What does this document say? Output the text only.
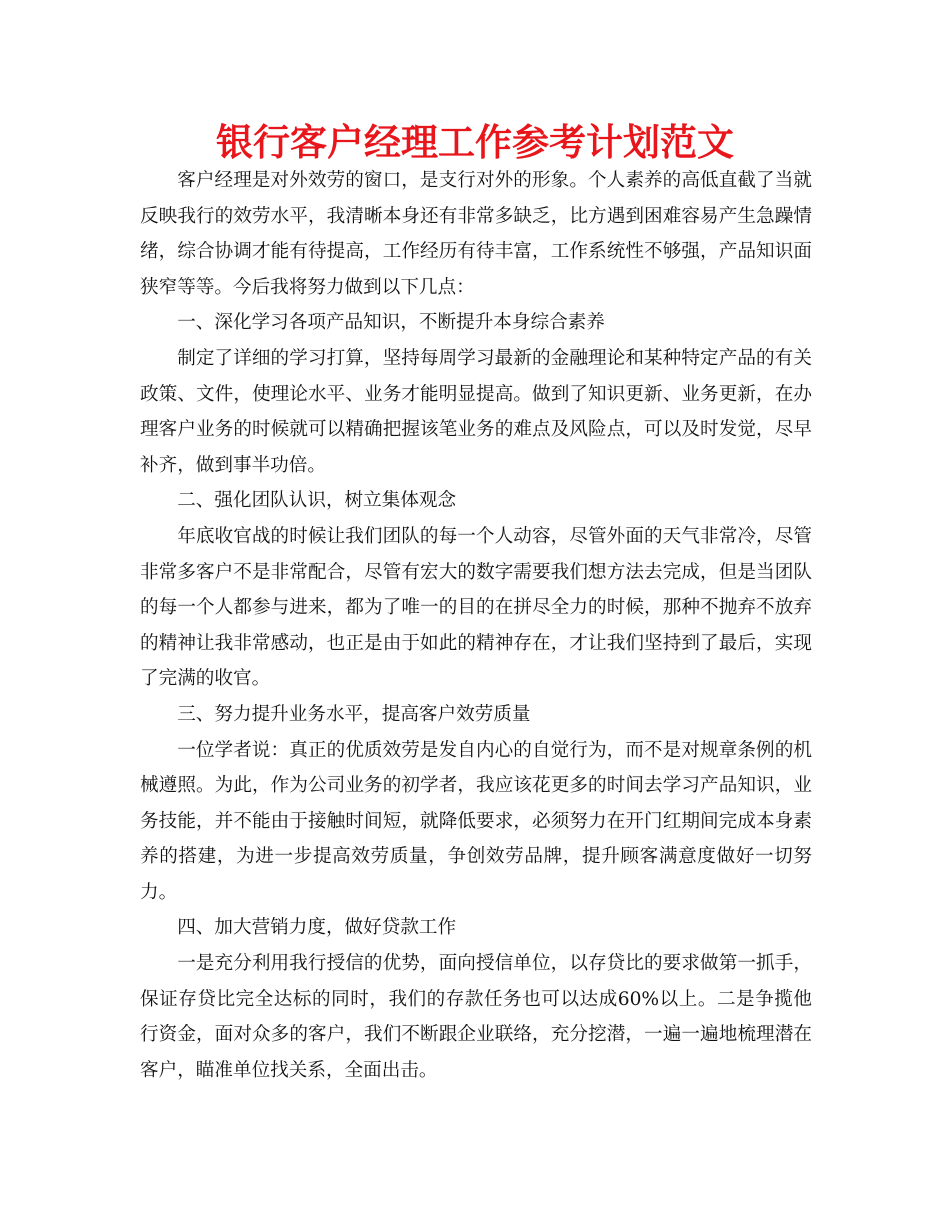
银行客户经理工作参考计划范文

客户经理是对外效劳的窗口，是支行对外的形象。个人素养的高低直截了当就反映我行的效劳水平，我清晰本身还有非常多缺乏，比方遇到困难容易产生急躁情绪，综合协调才能有待提高，工作经历有待丰富，工作系统性不够强，产品知识面狭窄等等。今后我将努力做到以下几点：

一、深化学习各项产品知识，不断提升本身综合素养

制定了详细的学习打算，坚持每周学习最新的金融理论和某种特定产品的有关政策、文件，使理论水平、业务才能明显提高。做到了知识更新、业务更新，在办理客户业务的时候就可以精确把握该笔业务的难点及风险点，可以及时发觉，尽早补齐，做到事半功倍。

二、强化团队认识，树立集体观念

年底收官战的时候让我们团队的每一个人动容，尽管外面的天气非常冷，尽管非常多客户不是非常配合，尽管有宏大的数字需要我们想方法去完成，但是当团队的每一个人都参与进来，都为了唯一的目的在拼尽全力的时候，那种不抛弃不放弃的精神让我非常感动，也正是由于如此的精神存在，才让我们坚持到了最后，实现了完满的收官。

三、努力提升业务水平，提高客户效劳质量

一位学者说：真正的优质效劳是发自内心的自觉行为，而不是对规章条例的机械遵照。为此，作为公司业务的初学者，我应该花更多的时间去学习产品知识，业务技能，并不能由于接触时间短，就降低要求，必须努力在开门红期间完成本身素养的搭建，为进一步提高效劳质量，争创效劳品牌，提升顾客满意度做好一切努力。

四、加大营销力度，做好贷款工作

一是充分利用我行授信的优势，面向授信单位，以存贷比的要求做第一抓手，保证存贷比完全达标的同时，我们的存款任务也可以达成60%以上。二是争揽他行资金，面对众多的客户，我们不断跟企业联络，充分挖潜，一遍一遍地梳理潜在客户，瞄准单位找关系，全面出击。
